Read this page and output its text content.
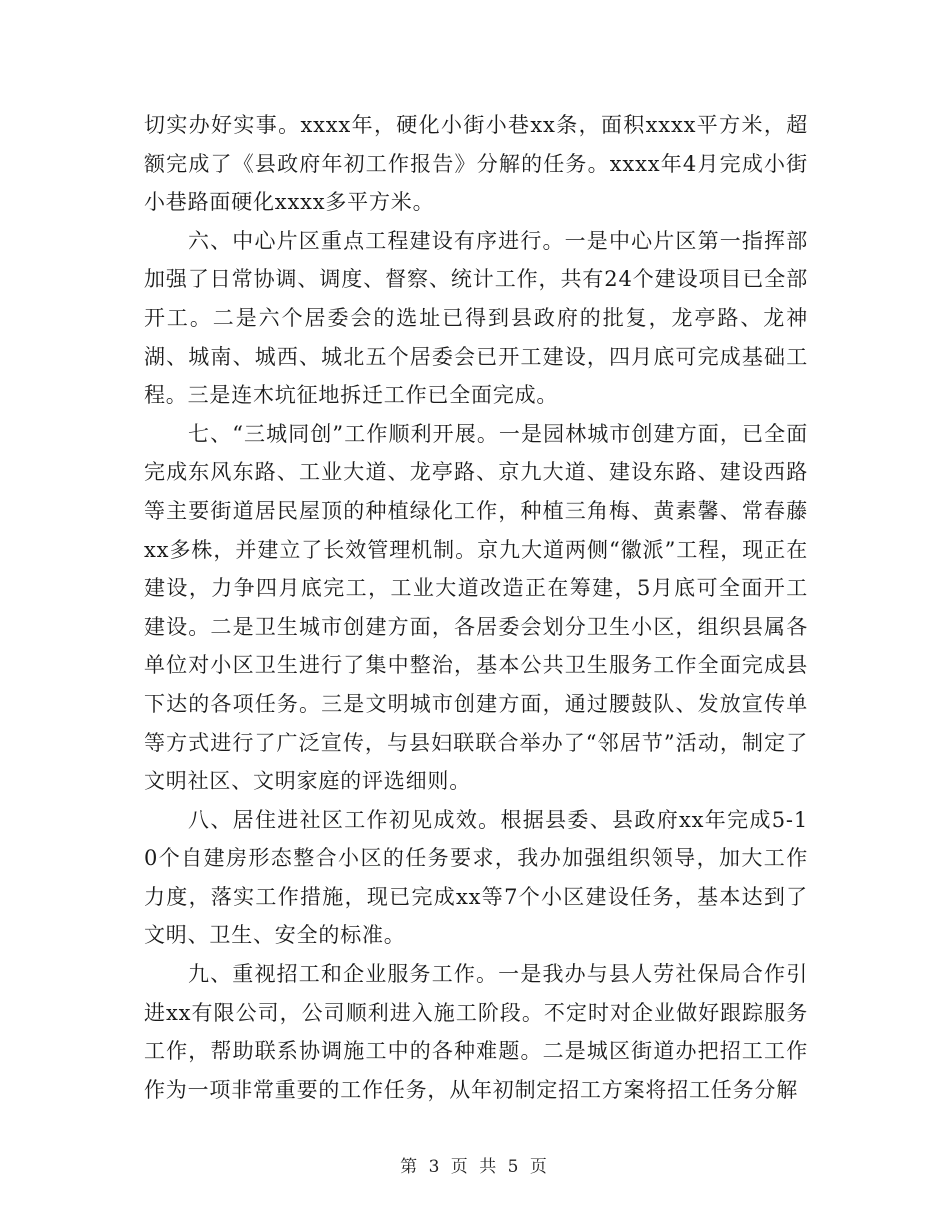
切实办好实事。xxxx年，硬化小街小巷xx条，面积xxxx平方米，超额完成了《县政府年初工作报告》分解的任务。xxxx年4月完成小街小巷路面硬化xxxx多平方米。

六、中心片区重点工程建设有序进行。一是中心片区第一指挥部加强了日常协调、调度、督察、统计工作，共有24个建设项目已全部开工。二是六个居委会的选址已得到县政府的批复，龙亭路、龙神湖、城南、城西、城北五个居委会已开工建设，四月底可完成基础工程。三是连木坑征地拆迁工作已全面完成。

七、“三城同创”工作顺利开展。一是园林城市创建方面，已全面完成东风东路、工业大道、龙亭路、京九大道、建设东路、建设西路等主要街道居民屋顶的种植绿化工作，种植三角梅、黄素馨、常春藤xx多株，并建立了长效管理机制。京九大道两侧“徽派”工程，现正在建设，力争四月底完工，工业大道改造正在筹建，5月底可全面开工建设。二是卫生城市创建方面，各居委会划分卫生小区，组织县属各单位对小区卫生进行了集中整治，基本公共卫生服务工作全面完成县下达的各项任务。三是文明城市创建方面，通过腰鼓队、发放宣传单等方式进行了广泛宣传，与县妇联联合举办了“邻居节”活动，制定了文明社区、文明家庭的评选细则。

八、居住进社区工作初见成效。根据县委、县政府xx年完成5-10个自建房形态整合小区的任务要求，我办加强组织领导，加大工作力度，落实工作措施，现已完成xx等7个小区建设任务，基本达到了文明、卫生、安全的标准。

九、重视招工和企业服务工作。一是我办与县人劳社保局合作引进xx有限公司，公司顺利进入施工阶段。不定时对企业做好跟踪服务工作，帮助联系协调施工中的各种难题。二是城区街道办把招工工作作为一项非常重要的工作任务，从年初制定招工方案将招工任务分解

第 3 页 共 5 页
